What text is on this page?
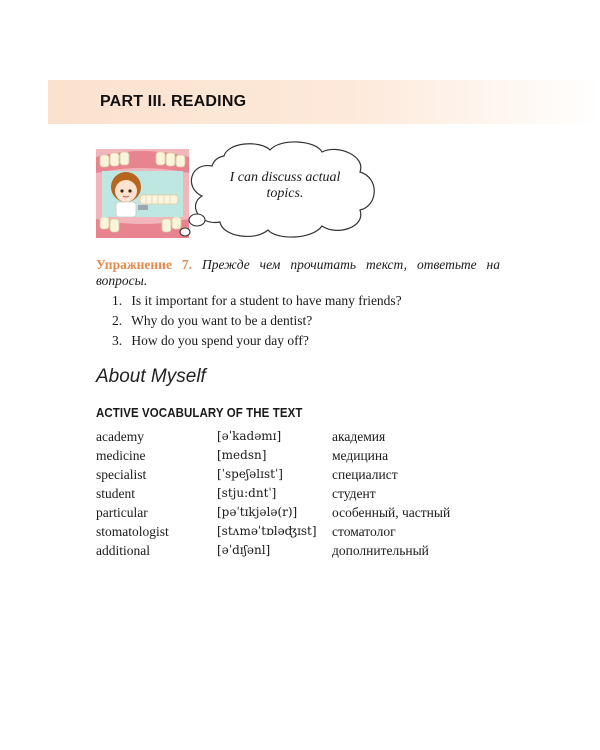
PART III. READING
I can discuss actual topics.
Упражнение 7. Прежде чем прочитать текст, ответьте на вопросы.
1. Is it important for a student to have many friends?
2. Why do you want to be a dentist?
3. How do you spend your day off?
About Myself
ACTIVE VOCABULARY OF THE TEXT
academy	[əˈkadəmɪ]	академия
medicine	[medsn]	медицина
specialist	[ˈspeʃəlɪstˈ]	специалист
student	[stju:dntˈ]	студент
particular	[pəˈtɪkjələ(r)]	особенный, частный
stomatologist	[stʌməˈtɒləʤɪst] стоматолог
additional	[əˈdɪʃənl]	дополнительный
